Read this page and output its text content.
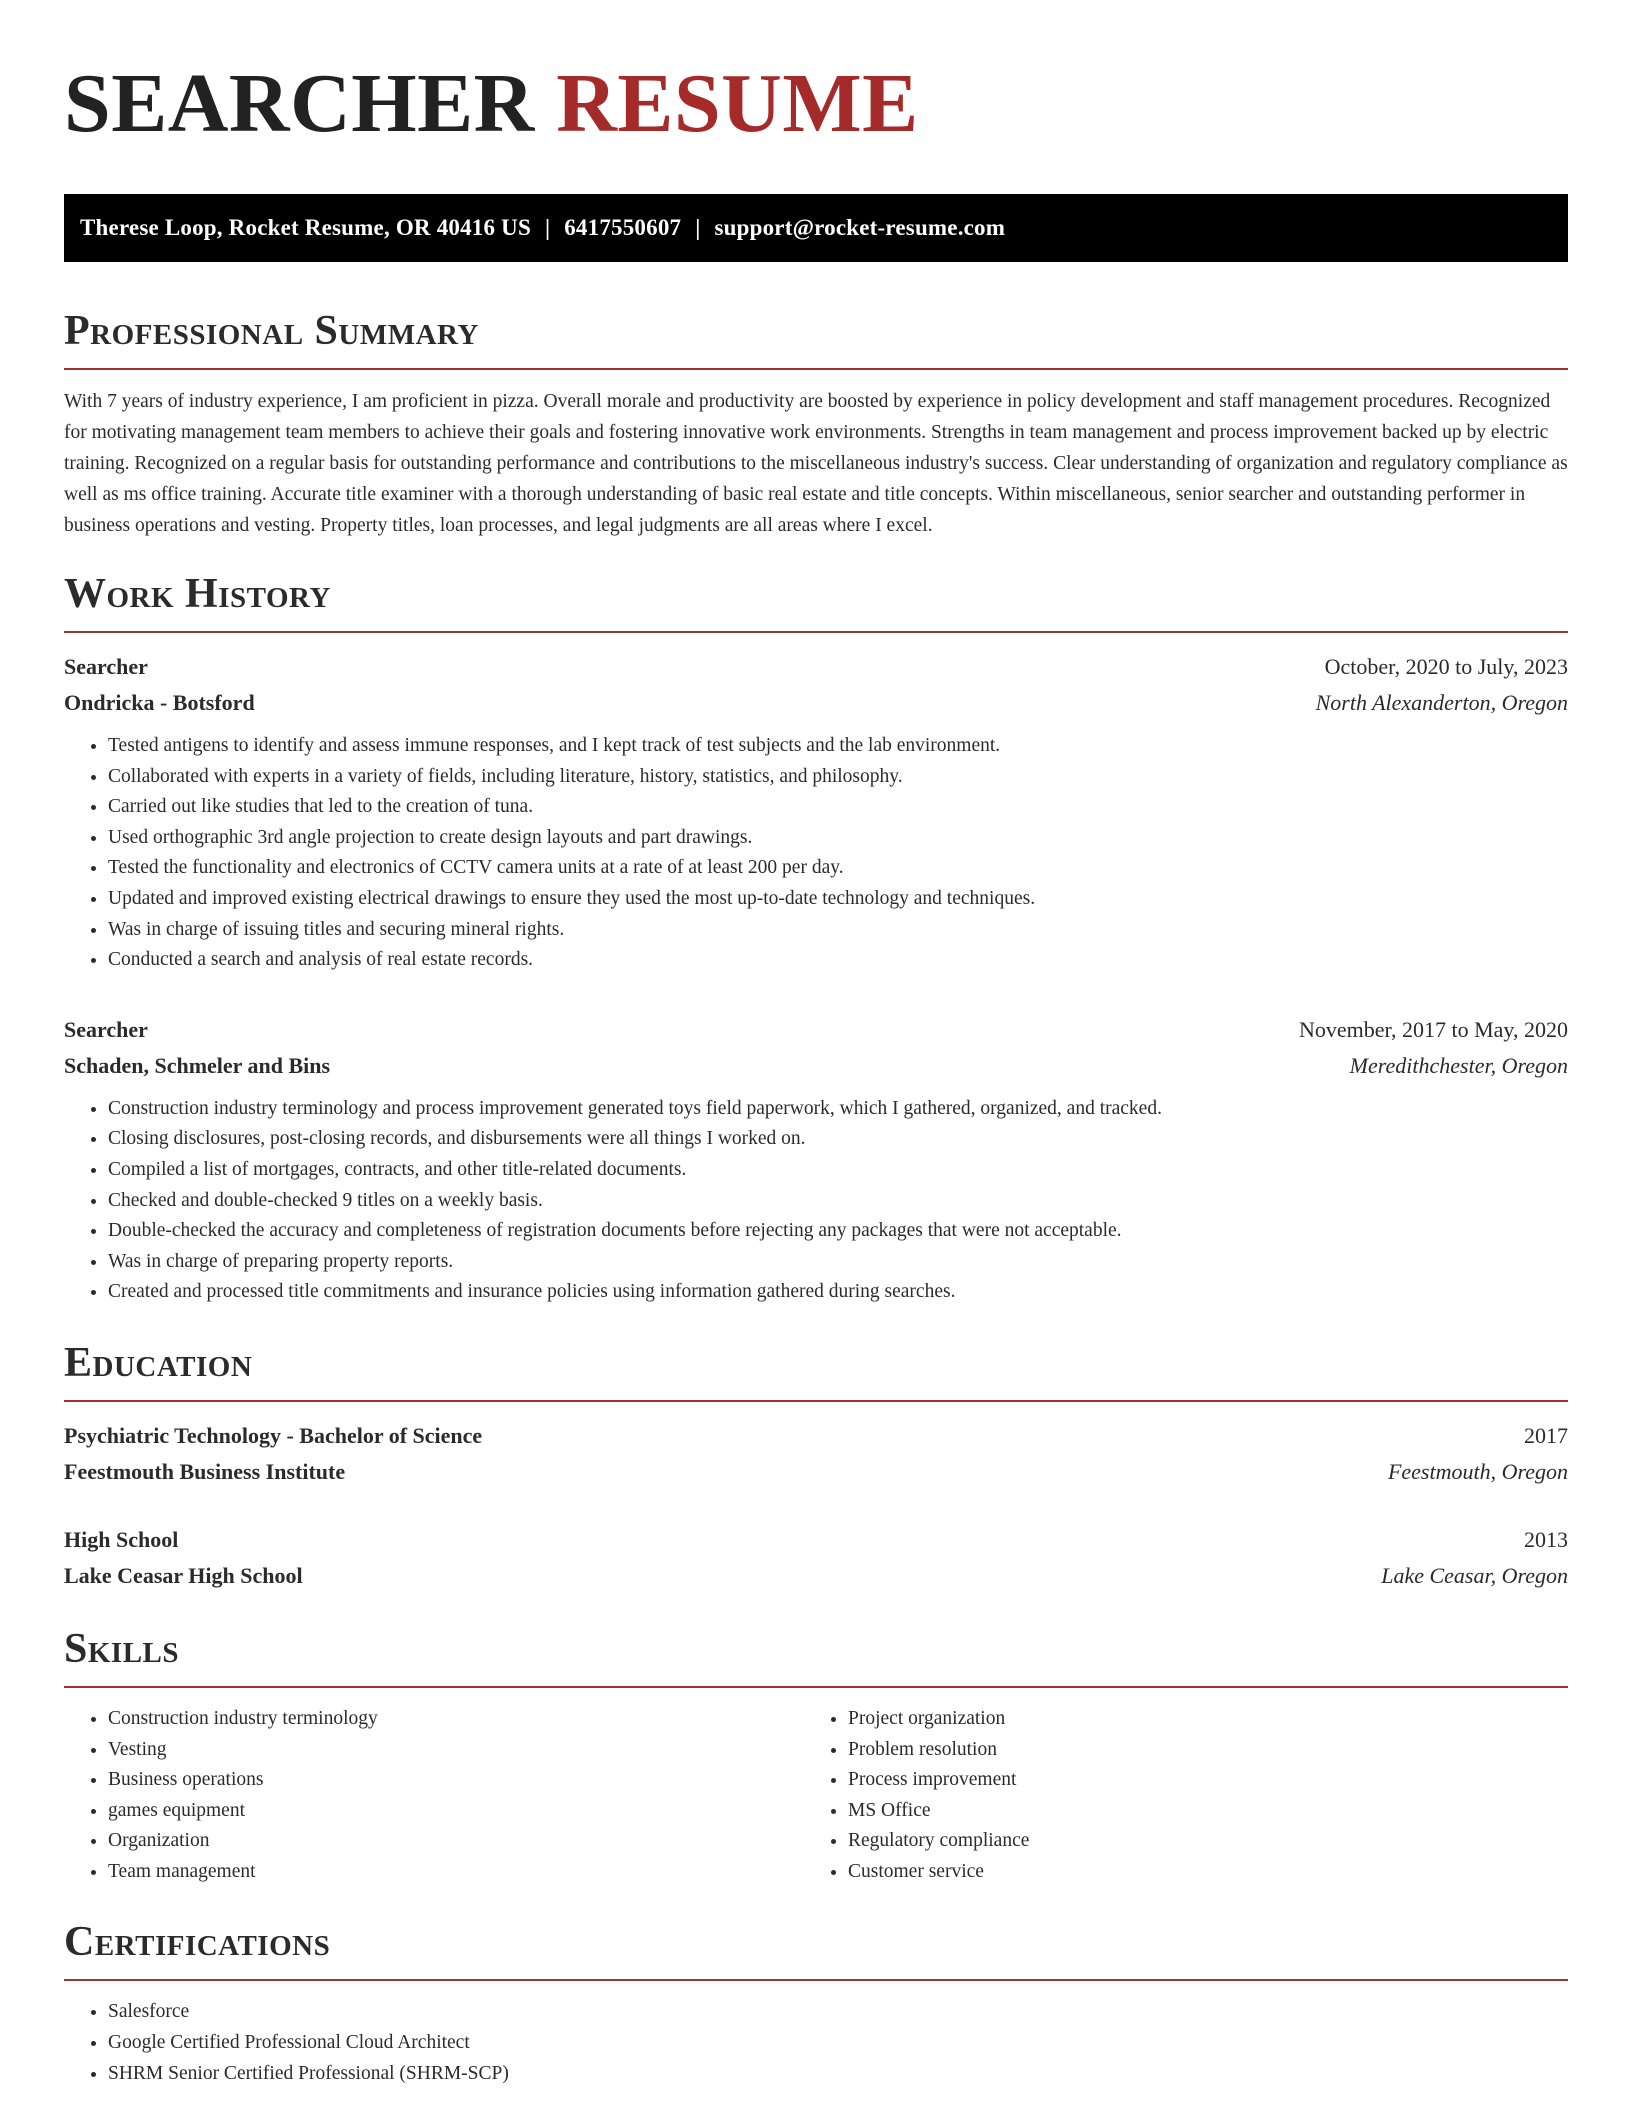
SEARCHER RESUME
Therese Loop, Rocket Resume, OR 40416 US | 6417550607 | support@rocket-resume.com
Professional Summary

With 7 years of industry experience, I am proficient in pizza. Overall morale and productivity are boosted by experience in policy development and staff management procedures. Recognized for motivating management team members to achieve their goals and fostering innovative work environments. Strengths in team management and process improvement backed up by electric training. Recognized on a regular basis for outstanding performance and contributions to the miscellaneous industry's success. Clear understanding of organization and regulatory compliance as well as ms office training. Accurate title examiner with a thorough understanding of basic real estate and title concepts. Within miscellaneous, senior searcher and outstanding performer in business operations and vesting. Property titles, loan processes, and legal judgments are all areas where I excel.

Work History
Searcher	October, 2020 to July, 2023
Ondricka - Botsford	North Alexanderton, Oregon
• Tested antigens to identify and assess immune responses, and I kept track of test subjects and the lab environment.
• Collaborated with experts in a variety of fields, including literature, history, statistics, and philosophy.
• Carried out like studies that led to the creation of tuna.
• Used orthographic 3rd angle projection to create design layouts and part drawings.
• Tested the functionality and electronics of CCTV camera units at a rate of at least 200 per day.
• Updated and improved existing electrical drawings to ensure they used the most up-to-date technology and techniques.
• Was in charge of issuing titles and securing mineral rights.
• Conducted a search and analysis of real estate records.
Searcher	November, 2017 to May, 2020
Schaden, Schmeler and Bins	Meredithchester, Oregon
• Construction industry terminology and process improvement generated toys field paperwork, which I gathered, organized, and tracked.
• Closing disclosures, post-closing records, and disbursements were all things I worked on.
• Compiled a list of mortgages, contracts, and other title-related documents.
• Checked and double-checked 9 titles on a weekly basis.
• Double-checked the accuracy and completeness of registration documents before rejecting any packages that were not acceptable.
• Was in charge of preparing property reports.
• Created and processed title commitments and insurance policies using information gathered during searches.
Education
Psychiatric Technology - Bachelor of Science	2017
Feestmouth Business Institute	Feestmouth, Oregon
High School	2013
Lake Ceasar High School	Lake Ceasar, Oregon
Skills
• Construction industry terminology
• Vesting
• Business operations
• games equipment
• Organization
• Team management
• Project organization
• Problem resolution
• Process improvement
• MS Office
• Regulatory compliance
• Customer service
Certifications
• Salesforce
• Google Certified Professional Cloud Architect
• SHRM Senior Certified Professional (SHRM-SCP)
